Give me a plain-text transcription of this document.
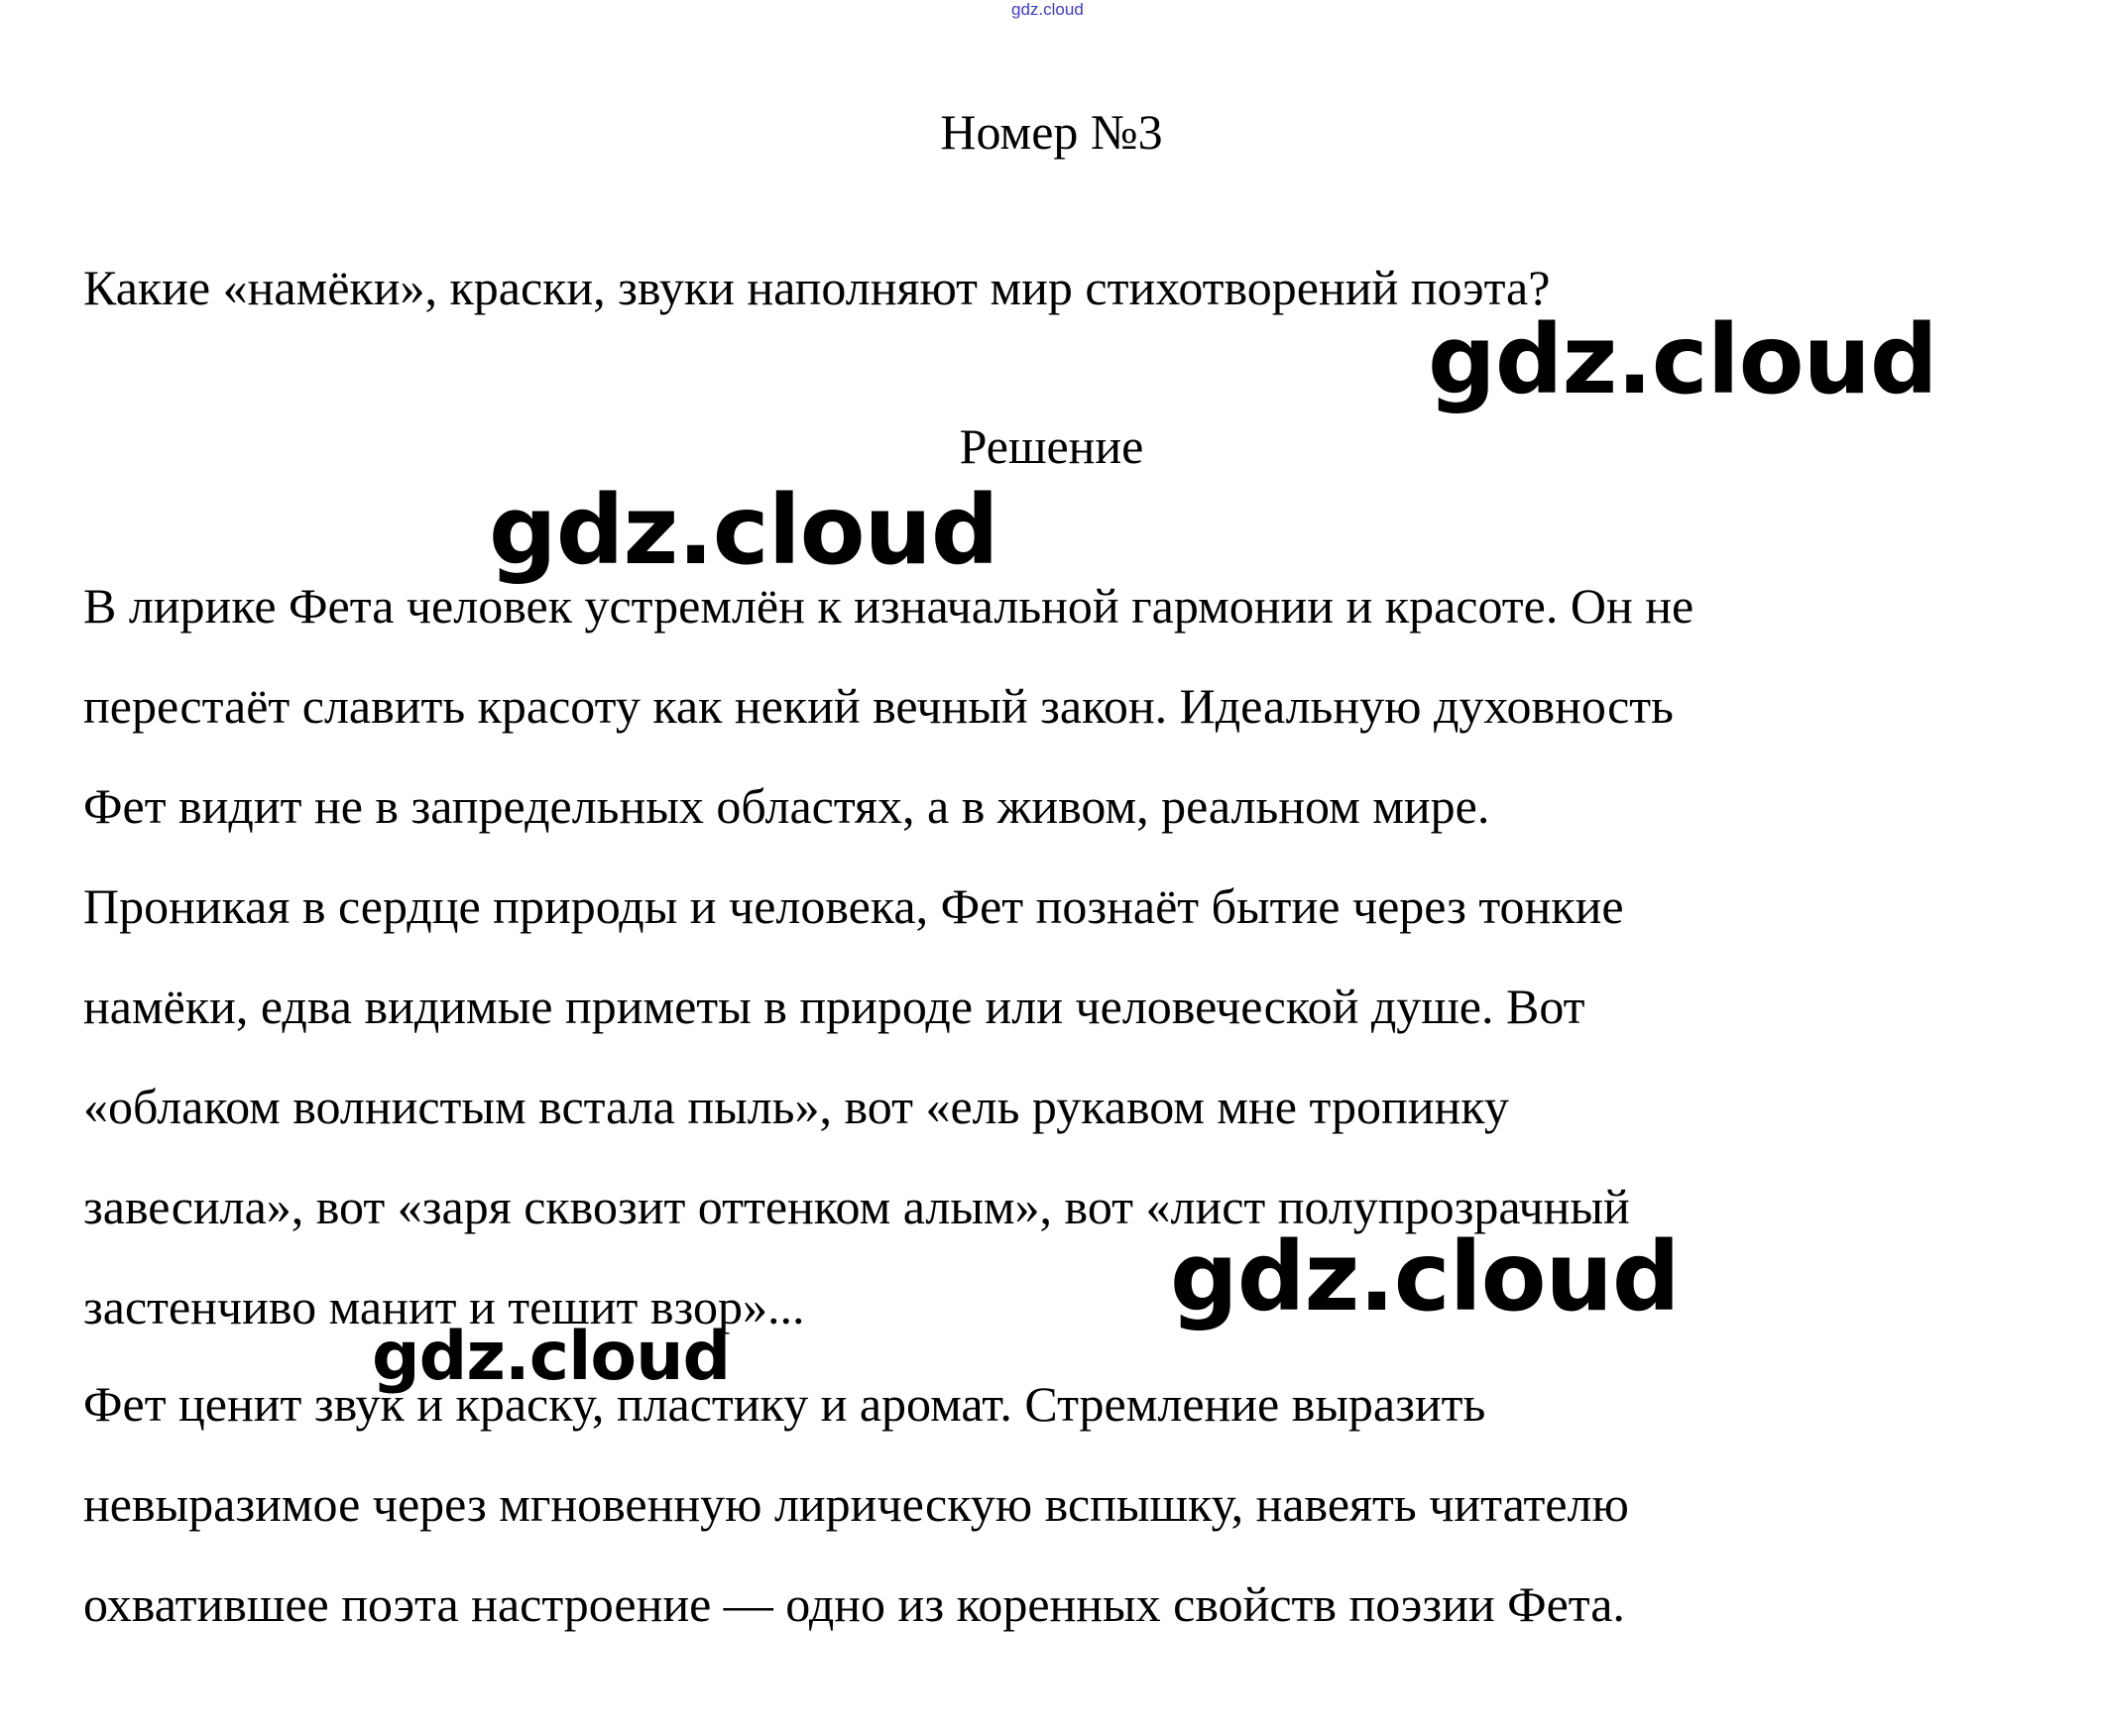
gdz.cloud
Номер №3
Какие «намёки», краски, звуки наполняют мир стихотворений поэта?
Решение
В лирике Фета человек устремлён к изначальной гармонии и красоте. Он не
перестаёт славить красоту как некий вечный закон. Идеальную духовность
Фет видит не в запредельных областях, а в живом, реальном мире.
Проникая в сердце природы и человека, Фет познаёт бытие через тонкие
намёки, едва видимые приметы в природе или человеческой душе. Вот
«облаком волнистым встала пыль», вот «ель рукавом мне тропинку
завесила», вот «заря сквозит оттенком алым», вот «лист полупрозрачный
застенчиво манит и тешит взор»...
Фет ценит звук и краску, пластику и аромат. Стремление выразить
невыразимое через мгновенную лирическую вспышку, навеять читателю
охватившее поэта настроение — одно из коренных свойств поэзии Фета.
gdz.cloud
gdz.cloud
gdz.cloud
gdz.cloud
